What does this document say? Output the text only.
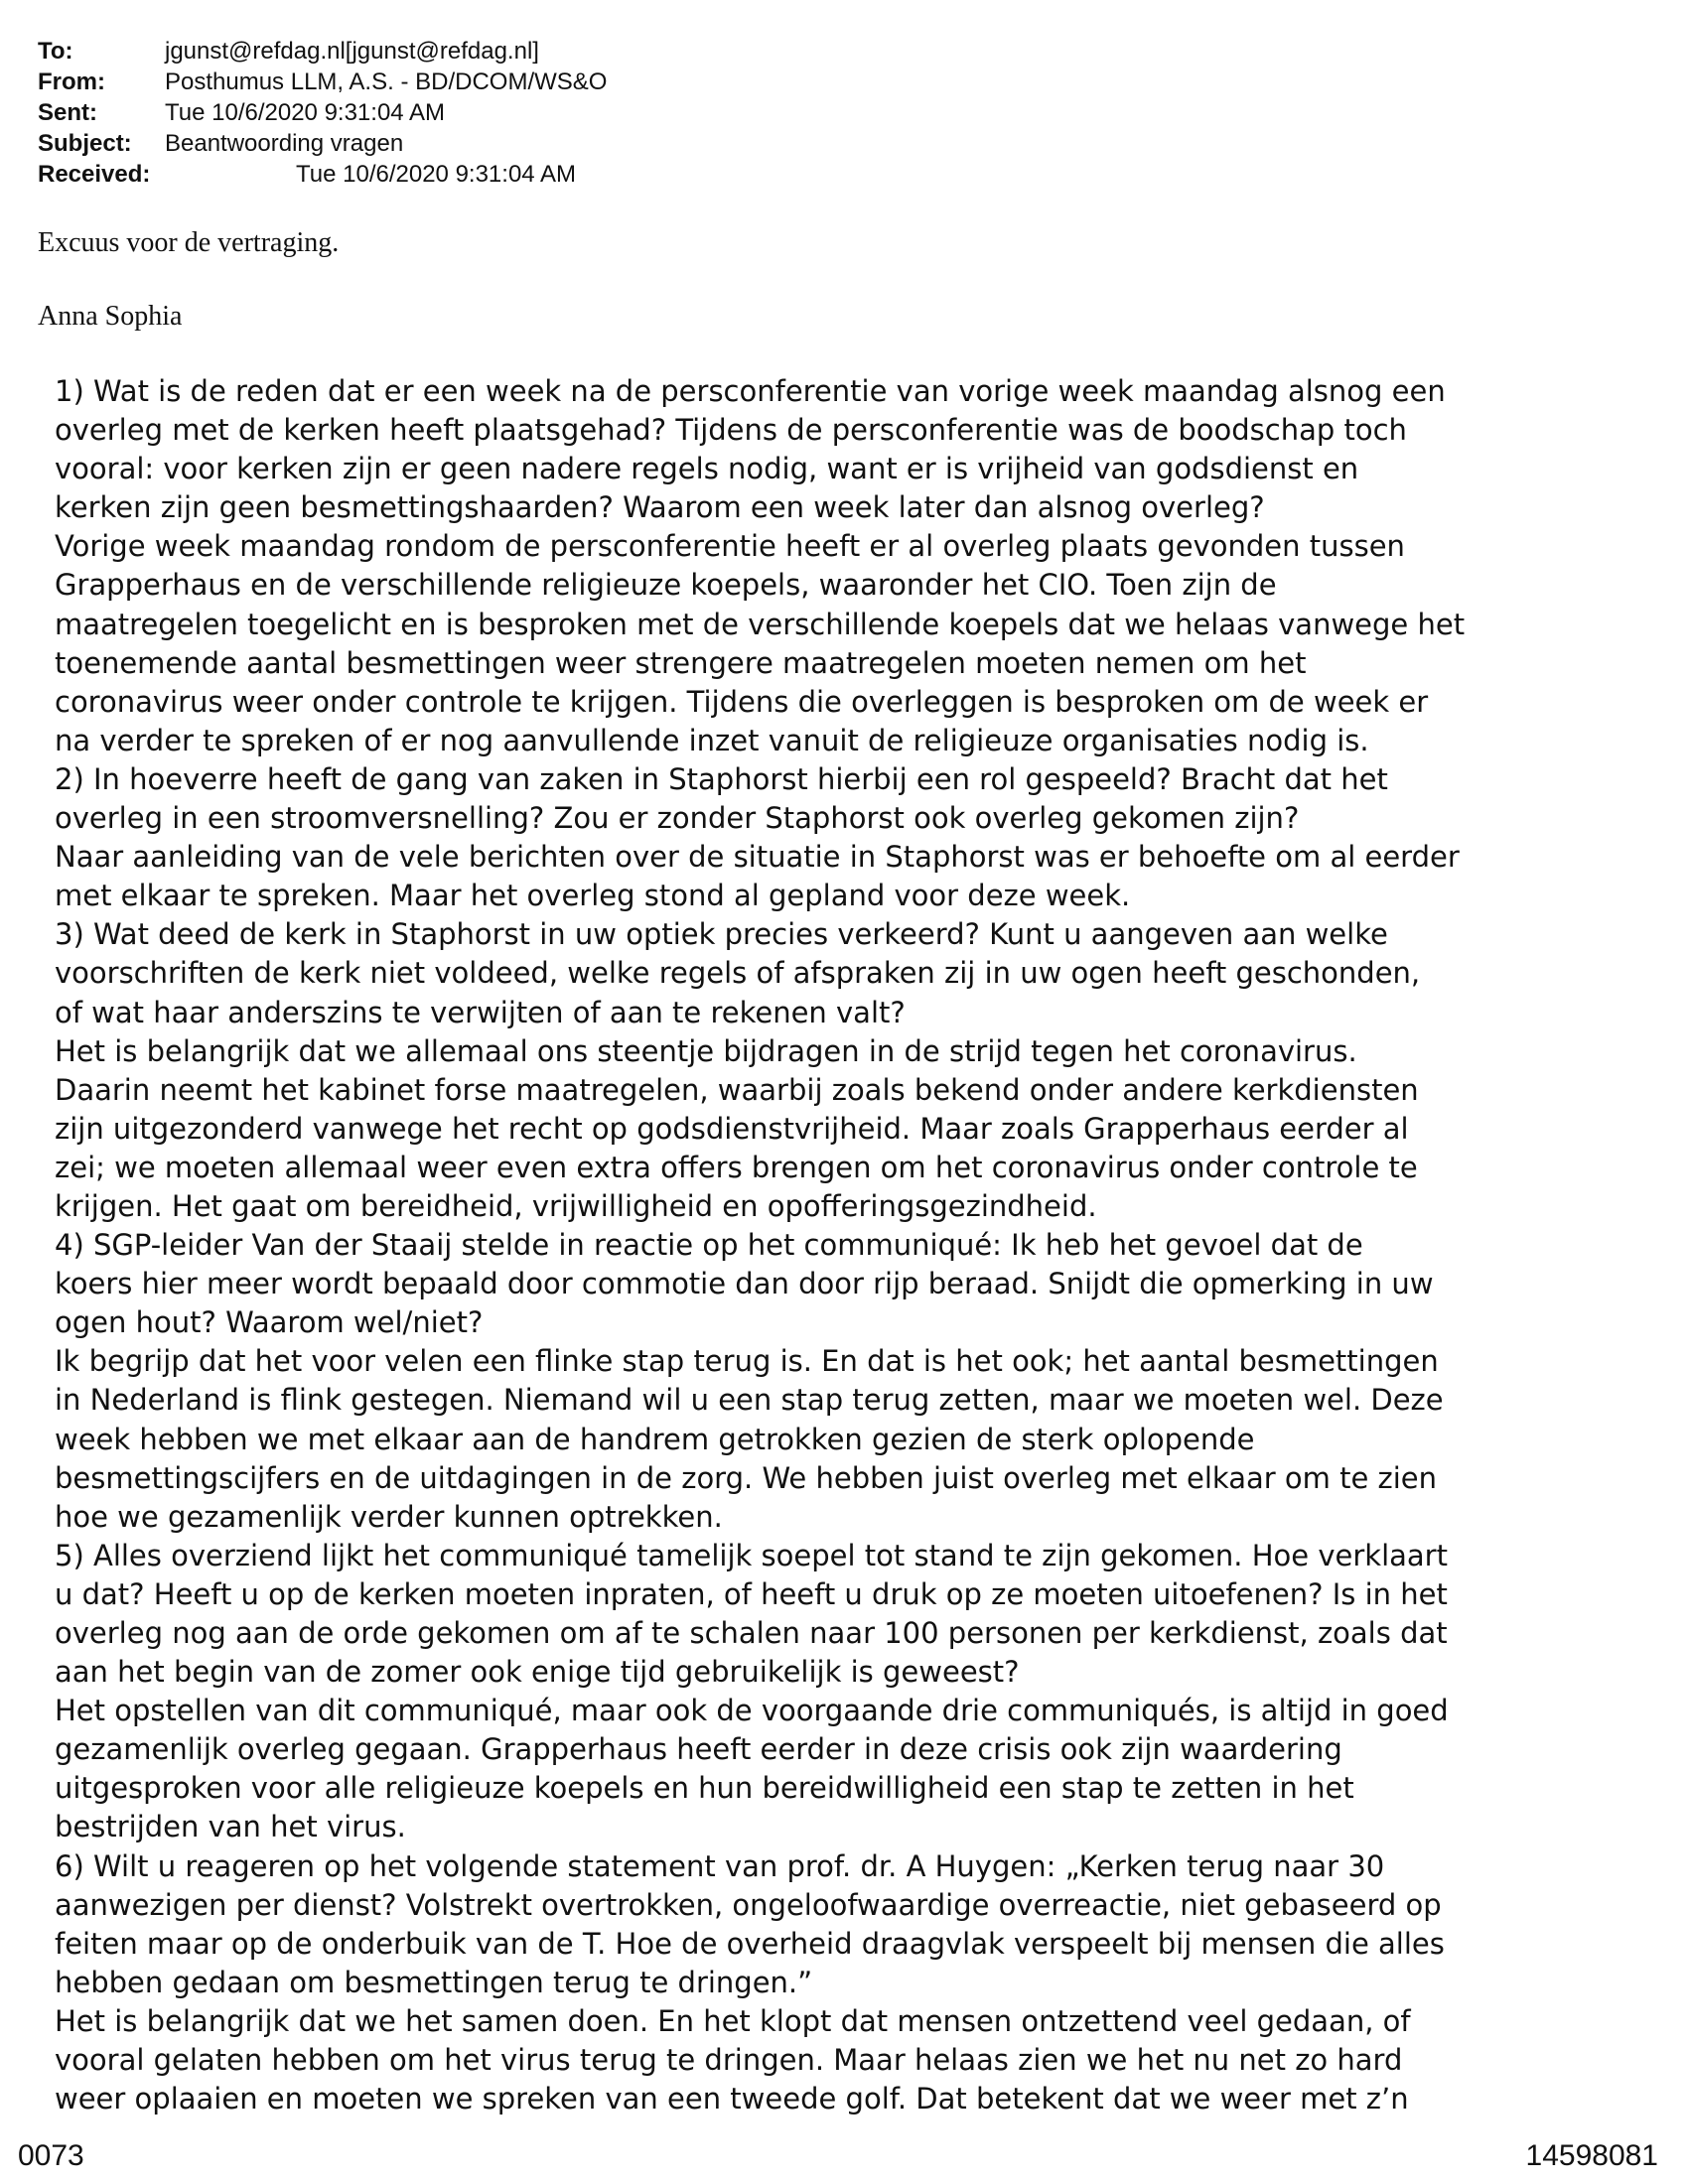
To:	jgunst@refdag.nl[jgunst@refdag.nl]
From:	Posthumus LLM, A.S. - BD/DCOM/WS&O
Sent:	Tue 10/6/2020 9:31:04 AM
Subject: Beantwoording vragen
Received:	Tue 10/6/2020 9:31:04 AM
Excuus voor de vertraging.
Anna Sophia
1) Wat is de reden dat er een week na de persconferentie van vorige week maandag alsnog een
overleg met de kerken heeft plaatsgehad? Tijdens de persconferentie was de boodschap toch
vooral: voor kerken zijn er geen nadere regels nodig, want er is vrijheid van godsdienst en
kerken zijn geen besmettingshaarden? Waarom een week later dan alsnog overleg?
Vorige week maandag rondom de persconferentie heeft er al overleg plaats gevonden tussen
Grapperhaus en de verschillende religieuze koepels, waaronder het CIO. Toen zijn de
maatregelen toegelicht en is besproken met de verschillende koepels dat we helaas vanwege het
toenemende aantal besmettingen weer strengere maatregelen moeten nemen om het
coronavirus weer onder controle te krijgen. Tijdens die overleggen is besproken om de week er
na verder te spreken of er nog aanvullende inzet vanuit de religieuze organisaties nodig is.
2) In hoeverre heeft de gang van zaken in Staphorst hierbij een rol gespeeld? Bracht dat het
overleg in een stroomversnelling? Zou er zonder Staphorst ook overleg gekomen zijn?
Naar aanleiding van de vele berichten over de situatie in Staphorst was er behoefte om al eerder
met elkaar te spreken. Maar het overleg stond al gepland voor deze week.
3) Wat deed de kerk in Staphorst in uw optiek precies verkeerd? Kunt u aangeven aan welke
voorschriften de kerk niet voldeed, welke regels of afspraken zij in uw ogen heeft geschonden,
of wat haar anderszins te verwijten of aan te rekenen valt?
Het is belangrijk dat we allemaal ons steentje bijdragen in de strijd tegen het coronavirus.
Daarin neemt het kabinet forse maatregelen, waarbij zoals bekend onder andere kerkdiensten
zijn uitgezonderd vanwege het recht op godsdienstvrijheid. Maar zoals Grapperhaus eerder al
zei; we moeten allemaal weer even extra offers brengen om het coronavirus onder controle te
krijgen. Het gaat om bereidheid, vrijwilligheid en opofferingsgezindheid.
4) SGP-leider Van der Staaij stelde in reactie op het communiqué: Ik heb het gevoel dat de
koers hier meer wordt bepaald door commotie dan door rijp beraad. Snijdt die opmerking in uw
ogen hout? Waarom wel/niet?
Ik begrijp dat het voor velen een flinke stap terug is. En dat is het ook; het aantal besmettingen
in Nederland is flink gestegen. Niemand wil u een stap terug zetten, maar we moeten wel. Deze
week hebben we met elkaar aan de handrem getrokken gezien de sterk oplopende
besmettingscijfers en de uitdagingen in de zorg. We hebben juist overleg met elkaar om te zien
hoe we gezamenlijk verder kunnen optrekken.
5) Alles overziend lijkt het communiqué tamelijk soepel tot stand te zijn gekomen. Hoe verklaart
u dat? Heeft u op de kerken moeten inpraten, of heeft u druk op ze moeten uitoefenen? Is in het
overleg nog aan de orde gekomen om af te schalen naar 100 personen per kerkdienst, zoals dat
aan het begin van de zomer ook enige tijd gebruikelijk is geweest?
Het opstellen van dit communiqué, maar ook de voorgaande drie communiqués, is altijd in goed
gezamenlijk overleg gegaan. Grapperhaus heeft eerder in deze crisis ook zijn waardering
uitgesproken voor alle religieuze koepels en hun bereidwilligheid een stap te zetten in het
bestrijden van het virus.
6) Wilt u reageren op het volgende statement van prof. dr. A Huygen: „Kerken terug naar 30
aanwezigen per dienst? Volstrekt overtrokken, ongeloofwaardige overreactie, niet gebaseerd op
feiten maar op de onderbuik van de T. Hoe de overheid draagvlak verspeelt bij mensen die alles
hebben gedaan om besmettingen terug te dringen.”
Het is belangrijk dat we het samen doen. En het klopt dat mensen ontzettend veel gedaan, of
vooral gelaten hebben om het virus terug te dringen. Maar helaas zien we het nu net zo hard
weer oplaaien en moeten we spreken van een tweede golf. Dat betekent dat we weer met z’n
0073	14598081
